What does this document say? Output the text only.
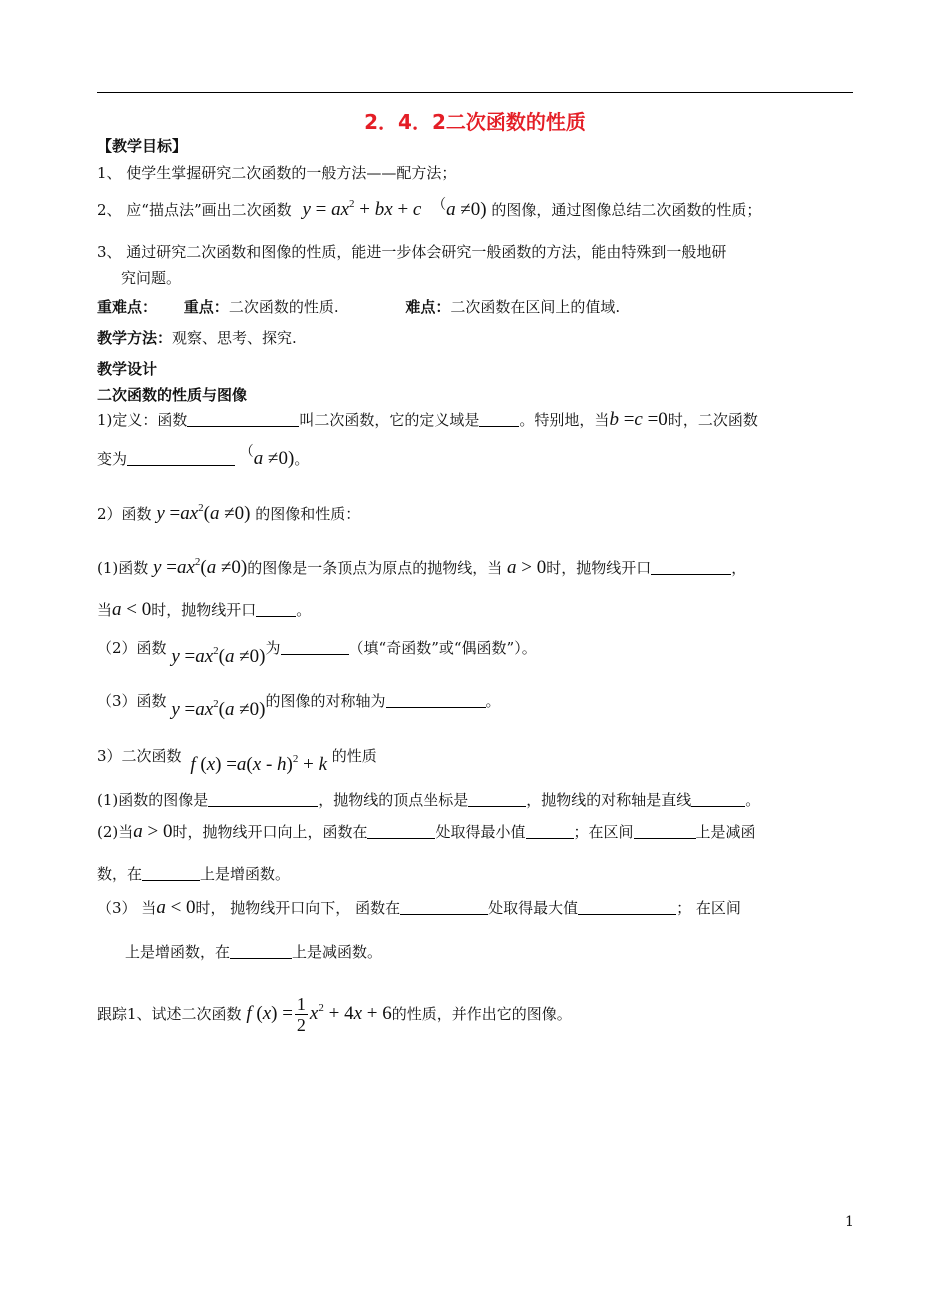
2．4．2二次函数的性质
【教学目标】
1、 使学生掌握研究二次函数的一般方法——配方法；
2、 应“描点法”画出二次函数 $y = ax^2$ + bx + c （a ≠0) 的图像，通过图像总结二次函数的性质；
3、 通过研究二次函数和图像的性质，能进一步体会研究一般函数的方法，能由特殊到一般地研
究问题。
重难点： 重点：二次函数的性质.	难点：二次函数在区间上的值域.
教学方法：观察、思考、探究.
教学设计
二次函数的性质与图像
1)定义：函数	叫二次函数，它的定义域是	。特别地，当b =c =0时，二次函数
变为	（a ≠0)。
2）函数 $y =ax^2(a \ne 0)$ 的图像和性质：
(1)函数 $y =ax^2(a \ne 0)$的图像是一条顶点为原点的抛物线，当 a > 0时，抛物线开口	，
当a < 0时，抛物线开口	。
（2）函数 $y =ax^2(a \ne 0)$为	（填“奇函数”或“偶函数”）。
（3）函数 $y =ax^2(a \ne 0)$的图像的对称轴为	。
3）二次函数 f (x) =a(x - h)$^2$ + k 的性质
(1)函数的图像是	，抛物线的顶点坐标是	，抛物线的对称轴是直线	。
(2)当a > 0时，抛物线开口向上，函数在	处取得最小值	；在区间	上是减函
数，在	上是增函数。
（3） 当a < 0时， 抛物线开口向下， 函数在	处取得最大值	； 在区间
上是增函数，在	上是减函数。
跟踪1、试述二次函数 f $(x) = \frac{1}{2} x^2 + 4x + 6$的性质，并作出它的图像。
1
